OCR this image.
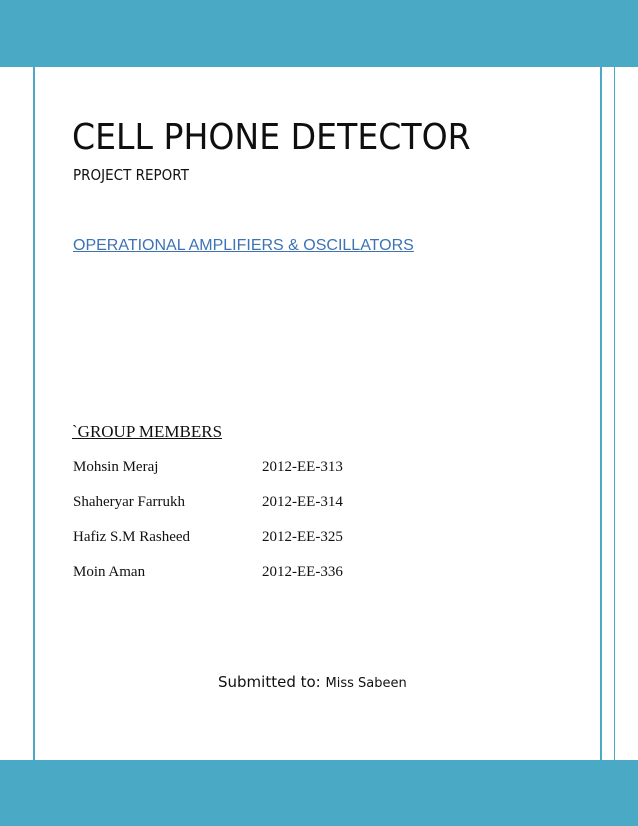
CELL PHONE DETECTOR
PROJECT REPORT
OPERATIONAL AMPLIFIERS & OSCILLATORS
`GROUP MEMBERS
Mohsin Meraj	2012-EE-313
Shaheryar Farrukh	2012-EE-314
Hafiz S.M Rasheed	2012-EE-325
Moin Aman	2012-EE-336
Submitted to: Miss Sabeen
